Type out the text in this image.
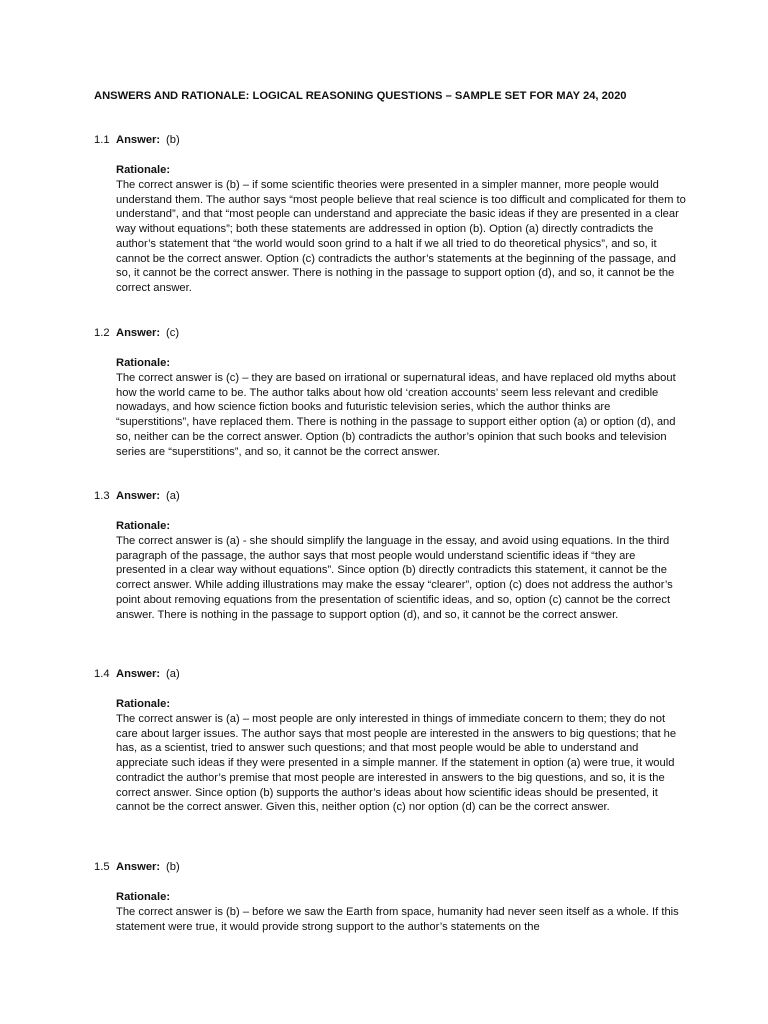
ANSWERS AND RATIONALE: LOGICAL REASONING QUESTIONS – SAMPLE SET FOR MAY 24, 2020
1.1 Answer: (b)
Rationale:
The correct answer is (b) – if some scientific theories were presented in a simpler manner, more people would understand them. The author says “most people believe that real science is too difficult and complicated for them to understand”, and that “most people can understand and appreciate the basic ideas if they are presented in a clear way without equations”; both these statements are addressed in option (b). Option (a) directly contradicts the author’s statement that “the world would soon grind to a halt if we all tried to do theoretical physics”, and so, it cannot be the correct answer. Option (c) contradicts the author’s statements at the beginning of the passage, and so, it cannot be the correct answer. There is nothing in the passage to support option (d), and so, it cannot be the correct answer.
1.2 Answer: (c)
Rationale:
The correct answer is (c) – they are based on irrational or supernatural ideas, and have replaced old myths about how the world came to be. The author talks about how old ‘creation accounts’ seem less relevant and credible nowadays, and how science fiction books and futuristic television series, which the author thinks are “superstitions”, have replaced them. There is nothing in the passage to support either option (a) or option (d), and so, neither can be the correct answer. Option (b) contradicts the author’s opinion that such books and television series are “superstitions”, and so, it cannot be the correct answer.
1.3 Answer: (a)
Rationale:
The correct answer is (a) - she should simplify the language in the essay, and avoid using equations. In the third paragraph of the passage, the author says that most people would understand scientific ideas if “they are presented in a clear way without equations”. Since option (b) directly contradicts this statement, it cannot be the correct answer. While adding illustrations may make the essay “clearer”, option (c) does not address the author’s point about removing equations from the presentation of scientific ideas, and so, option (c) cannot be the correct answer. There is nothing in the passage to support option (d), and so, it cannot be the correct answer.
1.4 Answer: (a)
Rationale:
The correct answer is (a) – most people are only interested in things of immediate concern to them; they do not care about larger issues. The author says that most people are interested in the answers to big questions; that he has, as a scientist, tried to answer such questions; and that most people would be able to understand and appreciate such ideas if they were presented in a simple manner. If the statement in option (a) were true, it would contradict the author’s premise that most people are interested in answers to the big questions, and so, it is the correct answer. Since option (b) supports the author’s ideas about how scientific ideas should be presented, it cannot be the correct answer. Given this, neither option (c) nor option (d) can be the correct answer.
1.5 Answer: (b)
Rationale:
The correct answer is (b) – before we saw the Earth from space, humanity had never seen itself as a whole. If this statement were true, it would provide strong support to the author’s statements on the
